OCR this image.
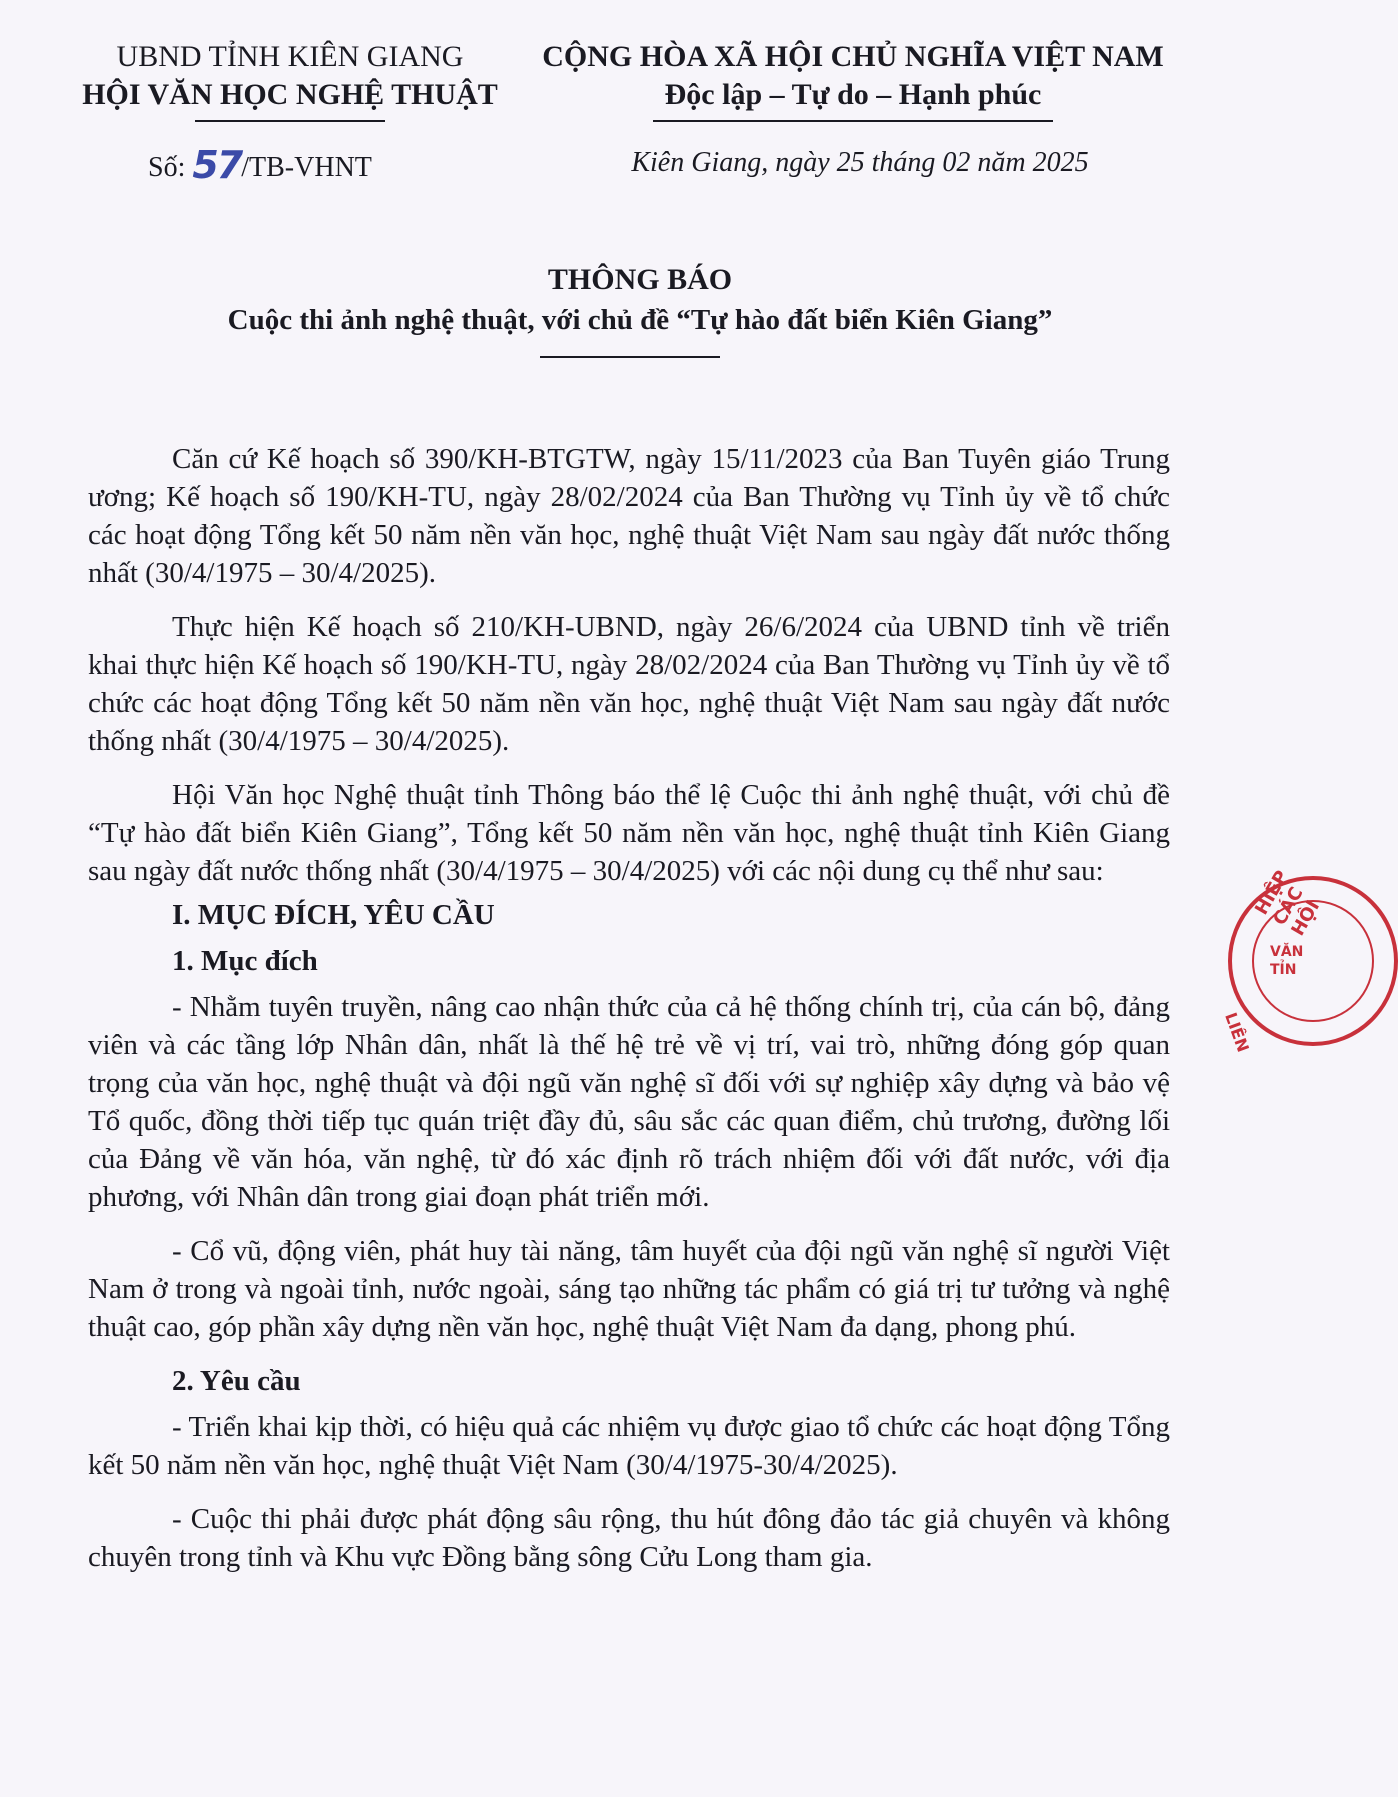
UBND TỈNH KIÊN GIANG
HỘI VĂN HỌC NGHỆ THUẬT
CỘNG HÒA XÃ HỘI CHỦ NGHĨA VIỆT NAM
Độc lập – Tự do – Hạnh phúc
Số: 57/TB-VHNT	Kiên Giang, ngày 25 tháng 02 năm 2025
THÔNG BÁO
Cuộc thi ảnh nghệ thuật, với chủ đề “Tự hào đất biển Kiên Giang”

Căn cứ Kế hoạch số 390/KH-BTGTW, ngày 15/11/2023 của Ban Tuyên giáo Trung ương; Kế hoạch số 190/KH-TU, ngày 28/02/2024 của Ban Thường vụ Tỉnh ủy về tổ chức các hoạt động Tổng kết 50 năm nền văn học, nghệ thuật Việt Nam sau ngày đất nước thống nhất (30/4/1975 – 30/4/2025).

Thực hiện Kế hoạch số 210/KH-UBND, ngày 26/6/2024 của UBND tỉnh về triển khai thực hiện Kế hoạch số 190/KH-TU, ngày 28/02/2024 của Ban Thường vụ Tỉnh ủy về tổ chức các hoạt động Tổng kết 50 năm nền văn học, nghệ thuật Việt Nam sau ngày đất nước thống nhất (30/4/1975 – 30/4/2025).

Hội Văn học Nghệ thuật tỉnh Thông báo thể lệ Cuộc thi ảnh nghệ thuật, với chủ đề “Tự hào đất biển Kiên Giang”, Tổng kết 50 năm nền văn học, nghệ thuật tỉnh Kiên Giang sau ngày đất nước thống nhất (30/4/1975 – 30/4/2025) với các nội dung cụ thể như sau:

I. MỤC ĐÍCH, YÊU CẦU
1. Mục đích

- Nhằm tuyên truyền, nâng cao nhận thức của cả hệ thống chính trị, của cán bộ, đảng viên và các tầng lớp Nhân dân, nhất là thế hệ trẻ về vị trí, vai trò, những đóng góp quan trọng của văn học, nghệ thuật và đội ngũ văn nghệ sĩ đối với sự nghiệp xây dựng và bảo vệ Tổ quốc, đồng thời tiếp tục quán triệt đầy đủ, sâu sắc các quan điểm, chủ trương, đường lối của Đảng về văn hóa, văn nghệ, từ đó xác định rõ trách nhiệm đối với đất nước, với địa phương, với Nhân dân trong giai đoạn phát triển mới.

- Cổ vũ, động viên, phát huy tài năng, tâm huyết của đội ngũ văn nghệ sĩ người Việt Nam ở trong và ngoài tỉnh, nước ngoài, sáng tạo những tác phẩm có giá trị tư tưởng và nghệ thuật cao, góp phần xây dựng nền văn học, nghệ thuật Việt Nam đa dạng, phong phú.

2. Yêu cầu

- Triển khai kịp thời, có hiệu quả các nhiệm vụ được giao tổ chức các hoạt động Tổng kết 50 năm nền văn học, nghệ thuật Việt Nam (30/4/1975-30/4/2025).

- Cuộc thi phải được phát động sâu rộng, thu hút đông đảo tác giả chuyên và không chuyên trong tỉnh và Khu vực Đồng bằng sông Cửu Long tham gia.

HIỆP CÁC HỘI
VĂN
TỈN
LIÊN
